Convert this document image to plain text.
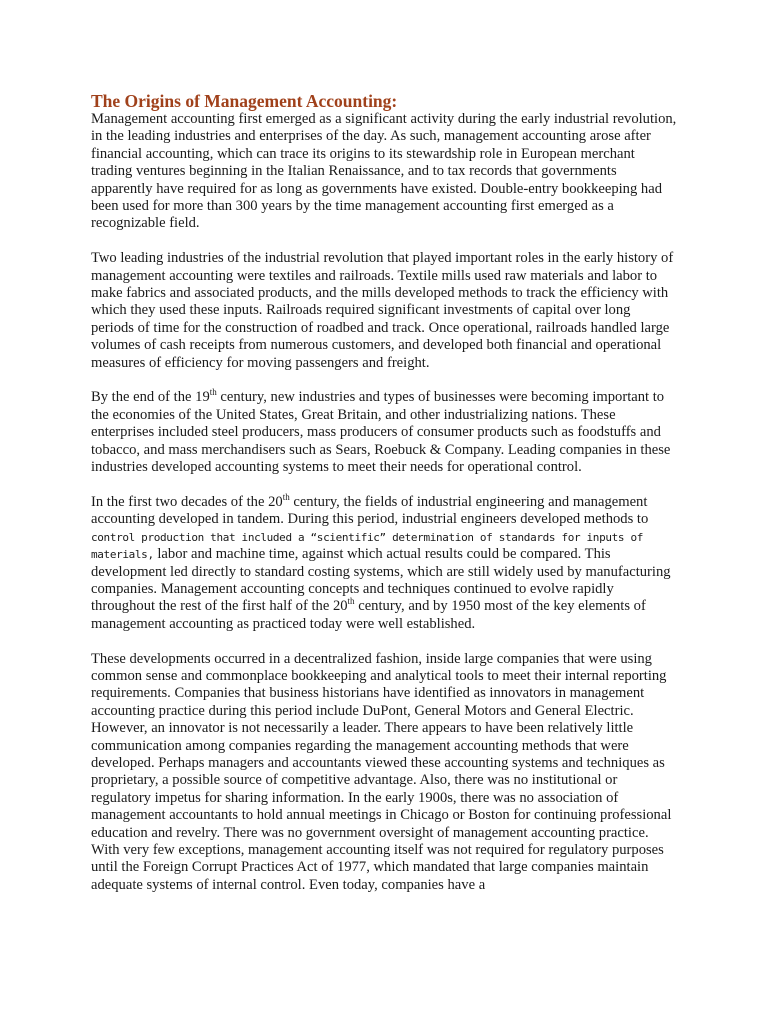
The Origins of Management Accounting:

Management accounting first emerged as a significant activity during the early industrial revolution, in the leading industries and enterprises of the day. As such, management accounting arose after financial accounting, which can trace its origins to its stewardship role in European merchant trading ventures beginning in the Italian Renaissance, and to tax records that governments apparently have required for as long as governments have existed. Double-entry bookkeeping had been used for more than 300 years by the time management accounting first emerged as a recognizable field.

Two leading industries of the industrial revolution that played important roles in the early history of management accounting were textiles and railroads. Textile mills used raw materials and labor to make fabrics and associated products, and the mills developed methods to track the efficiency with which they used these inputs. Railroads required significant investments of capital over long periods of time for the construction of roadbed and track. Once operational, railroads handled large volumes of cash receipts from numerous customers, and developed both financial and operational measures of efficiency for moving passengers and freight.

By the end of the 19th century, new industries and types of businesses were becoming important to the economies of the United States, Great Britain, and other industrializing nations. These enterprises included steel producers, mass producers of consumer products such as foodstuffs and tobacco, and mass merchandisers such as Sears, Roebuck & Company. Leading companies in these industries developed accounting systems to meet their needs for operational control.

In the first two decades of the 20th century, the fields of industrial engineering and management accounting developed in tandem. During this period, industrial engineers developed methods to control production that included a “scientific” determination of standards for inputs of materials, labor and machine time, against which actual results could be compared. This development led directly to standard costing systems, which are still widely used by manufacturing companies. Management accounting concepts and techniques continued to evolve rapidly throughout the rest of the first half of the 20th century, and by 1950 most of the key elements of management accounting as practiced today were well established.

These developments occurred in a decentralized fashion, inside large companies that were using common sense and commonplace bookkeeping and analytical tools to meet their internal reporting requirements. Companies that business historians have identified as innovators in management accounting practice during this period include DuPont, General Motors and General Electric. However, an innovator is not necessarily a leader. There appears to have been relatively little communication among companies regarding the management accounting methods that were developed. Perhaps managers and accountants viewed these accounting systems and techniques as proprietary, a possible source of competitive advantage. Also, there was no institutional or regulatory impetus for sharing information. In the early 1900s, there was no association of management accountants to hold annual meetings in Chicago or Boston for continuing professional education and revelry. There was no government oversight of management accounting practice. With very few exceptions, management accounting itself was not required for regulatory purposes until the Foreign Corrupt Practices Act of 1977, which mandated that large companies maintain adequate systems of internal control. Even today, companies have a
